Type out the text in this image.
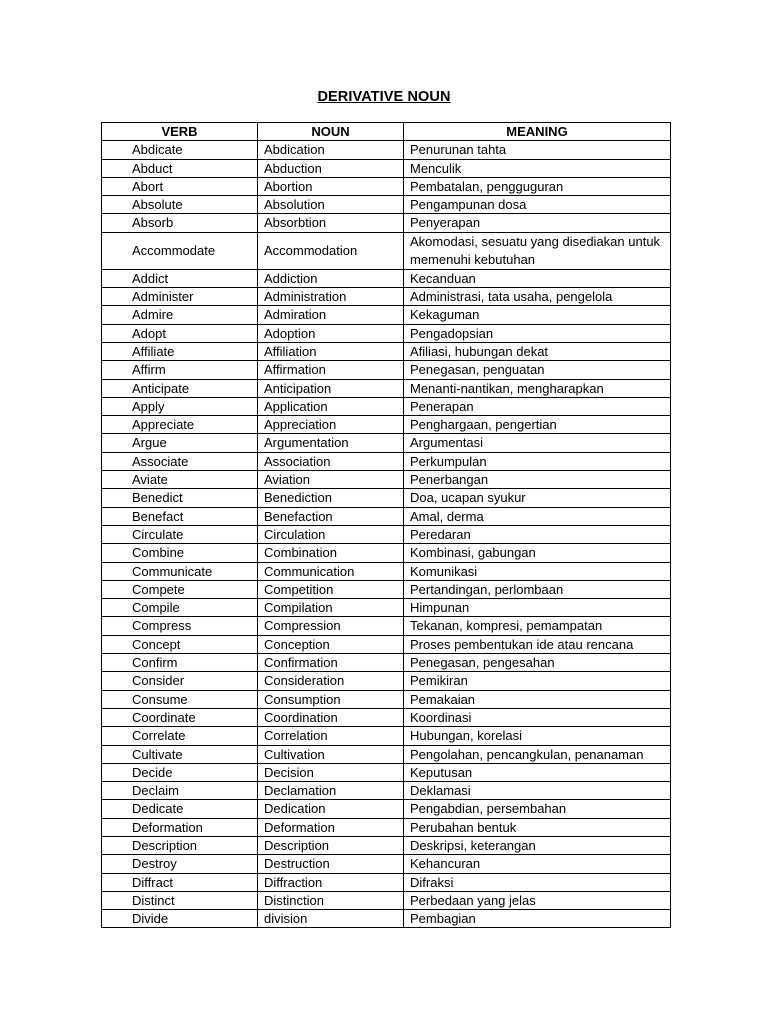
DERIVATIVE NOUN
VERB	NOUN	MEANING
Abdicate	Abdication	Penurunan tahta
Abduct	Abduction	Menculik
Abort	Abortion	Pembatalan, pengguguran
Absolute	Absolution	Pengampunan dosa
Absorb	Absorbtion	Penyerapan
Accommodate	Accommodation	Akomodasi, sesuatu yang disediakan untuk memenuhi kebutuhan
Addict	Addiction	Kecanduan
Administer	Administration	Administrasi, tata usaha, pengelola
Admire	Admiration	Kekaguman
Adopt	Adoption	Pengadopsian
Affiliate	Affiliation	Afiliasi, hubungan dekat
Affirm	Affirmation	Penegasan, penguatan
Anticipate	Anticipation	Menanti-nantikan, mengharapkan
Apply	Application	Penerapan
Appreciate	Appreciation	Penghargaan, pengertian
Argue	Argumentation	Argumentasi
Associate	Association	Perkumpulan
Aviate	Aviation	Penerbangan
Benedict	Benediction	Doa, ucapan syukur
Benefact	Benefaction	Amal, derma
Circulate	Circulation	Peredaran
Combine	Combination	Kombinasi, gabungan
Communicate	Communication	Komunikasi
Compete	Competition	Pertandingan, perlombaan
Compile	Compilation	Himpunan
Compress	Compression	Tekanan, kompresi, pemampatan
Concept	Conception	Proses pembentukan ide atau rencana
Confirm	Confirmation	Penegasan, pengesahan
Consider	Consideration	Pemikiran
Consume	Consumption	Pemakaian
Coordinate	Coordination	Koordinasi
Correlate	Correlation	Hubungan, korelasi
Cultivate	Cultivation	Pengolahan, pencangkulan, penanaman
Decide	Decision	Keputusan
Declaim	Declamation	Deklamasi
Dedicate	Dedication	Pengabdian, persembahan
Deformation	Deformation	Perubahan bentuk
Description	Description	Deskripsi, keterangan
Destroy	Destruction	Kehancuran
Diffract	Diffraction	Difraksi
Distinct	Distinction	Perbedaan yang jelas
Divide	division	Pembagian
